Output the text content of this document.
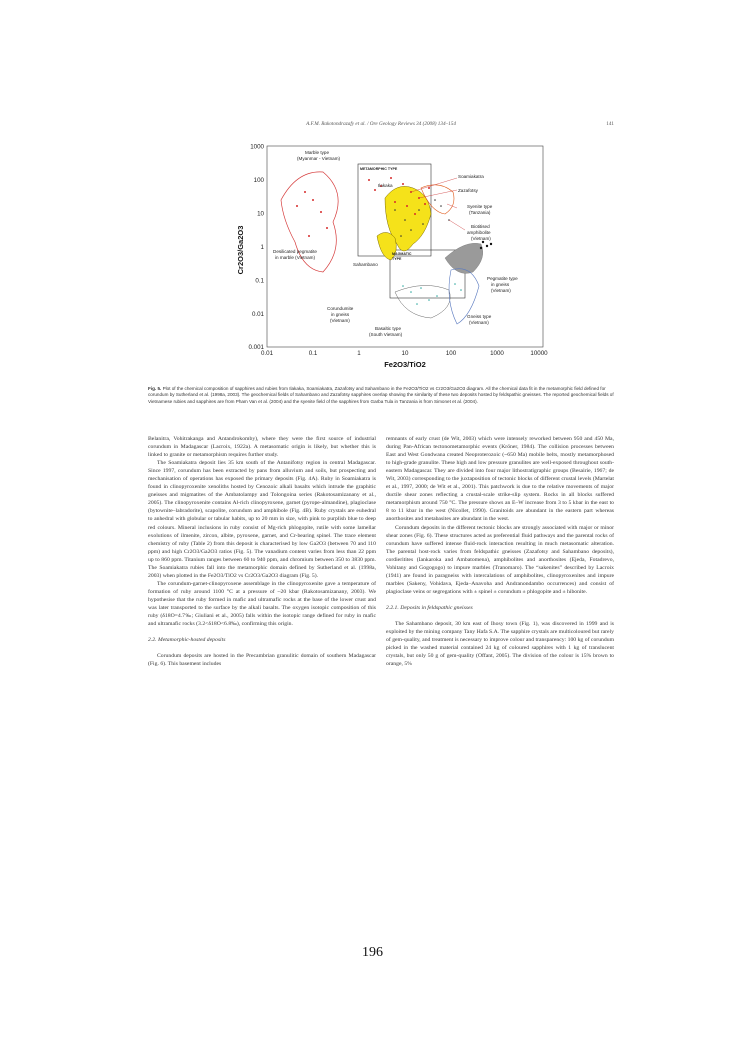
A.F.M. Rakotondrazafy et al. / Ore Geology Reviews 34 (2008) 134–154	141
1000
100
10
1
0.1
0.01
0.001
0.01	0.1	1	10	100	1000	10000
Fe2O3/TiO2
Cr2O3/Ga2O3
Marble type
(Myanmar - Vietnam)
METAMORPHIC TYPE
Ilakaka
Soamiakatra
Zazafotsy
Syenite type
(Tanzania)
Biotitised
amphibolite
(Vietnam)
Desilicated pegmatite
in marble (Vietnam)
Sahambano
MAGMATIC
TYPE
Pegmatite type
in gneiss
(Vietnam)
Corundumite
in gneiss
(Vietnam)
Gneiss type
(Vietnam)
Basaltic type
(South Vietnam)

Fig. 5. Plot of the chemical composition of sapphires and rubies from Ilakaka, Soamiakatra, Zazafotsy and Sahambano in the Fe2O3/TiO2 vs Cr2O3/Ga2O3 diagram. All the chemical data fit in the metamorphic field defined for corundum by Sutherland et al. (1998a, 2003). The geochemical fields of Sahambano and Zazafotsy sapphires overlap showing the similarity of these two deposits hosted by feldspathic gneisses. The reported geochemical fields of Vietnamese rubies and sapphires are from Pham Van et al. (2004) and the syenite field of the sapphires from Garba Tula in Tanzania is from Simonet et al. (2004).

Belanitra, Vohitrakanga and Antandrokomby), where they were the first source of industrial corundum in Madagascar (Lacroix, 1922a). A metasomatic origin is likely, but whether this is linked to granite or metamorphism requires further study.

The Soamiakatra deposit lies 35 km south of the Antanifotsy region in central Madagascar. Since 1997, corundum has been extracted by pans from alluvium and soils, but prospecting and mechanisation of operations has exposed the primary deposits (Fig. 4A). Ruby in Soamiakatra is found in clinopyroxenite xenoliths hosted by Cenozoic alkali basalts which intrude the graphitic gneisses and migmatites of the Ambatolampy and Tolongoina series (Rakotosamizanany et al., 2005). The clinopyroxenite contains Al-rich clinopyroxene, garnet (pyrope-almandine), plagioclase (bytownite–labradorite), scapolite, corundum and amphibole (Fig. 4B). Ruby crystals are euhedral to anhedral with globular or tabular habits, up to 20 mm in size, with pink to purplish blue to deep red colours. Mineral inclusions in ruby consist of Mg-rich phlogopite, rutile with some lamellar exolutions of ilmenite, zircon, albite, pyroxene, garnet, and Cr-bearing spinel. The trace element chemistry of ruby (Table 2) from this deposit is characterised by low Ga2O3 (between 70 and 110 ppm) and high Cr2O3/Ga2O3 ratios (Fig. 5). The vanadium content varies from less than 22 ppm up to 860 ppm. Titanium ranges between 60 to 940 ppm, and chromium between 350 to 3830 ppm. The Soamiakatra rubies fall into the metamorphic domain defined by Sutherland et al. (1998a, 2003) when plotted in the Fe2O3/TiO2 vs Cr2O3/Ga2O3 diagram (Fig. 5).

The corundum-garnet-clinopyroxene assemblage in the clinopyroxenite gave a temperature of formation of ruby around 1100 °C at a pressure of ~20 kbar (Rakotosamizanany, 2003). We hypothesise that the ruby formed in mafic and ultramafic rocks at the base of the lower crust and was later transported to the surface by the alkali basalts. The oxygen isotopic composition of this ruby (δ18O=4.7‰; Giuliani et al., 2005) falls within the isotopic range defined for ruby in mafic and ultramafic rocks (3.2<δ18O<6.8‰), confirming this origin.

2.2. Metamorphic-hosted deposits

Corundum deposits are hosted in the Precambrian granulitic domain of southern Madagascar (Fig. 6). This basement includes

remnants of early crust (de Wit, 2003) which were intensely reworked between 950 and 450 Ma, during Pan-African tectonometamorphic events (Kröner, 1984). The collision processes between East and West Gondwana created Neoproterozoic (~650 Ma) mobile belts, mostly metamorphosed to high-grade granulite. These high and low pressure granulites are well-exposed throughout south-eastern Madagascar. They are divided into four major lithostratigraphic groups (Besairie, 1967; de Wit, 2003) corresponding to the juxtaposition of tectonic blocks of different crustal levels (Martelat et al., 1997, 2000; de Wit et al., 2001). This patchwork is due to the relative movements of major ductile shear zones reflecting a crustal-scale strike-slip system. Rocks in all blocks suffered metamorphism around 750 °C. The pressure shows an E–W increase from 3 to 5 kbar in the east to 8 to 11 kbar in the west (Nicollet, 1990). Granitoids are abundant in the eastern part whereas anorthosites and metabasites are abundant in the west.

Corundum deposits in the different tectonic blocks are strongly associated with major or minor shear zones (Fig. 6). These structures acted as preferential fluid pathways and the parental rocks of corundum have suffered intense fluid-rock interaction resulting in much metasomatic alteration. The parental host-rock varies from feldspathic gneisses (Zazafotsy and Sahambano deposits), cordieritites (Iankaroka and Ambatomena), amphibolites and anorthosites (Ejeda, Fotadrevo, Vohitany and Gogogogo) to impure marbles (Tranomaro). The “sakenites” described by Lacroix (1941) are found in paragneiss with intercalations of amphibolites, clinopyroxenites and impure marbles (Sakeny, Vohidava, Ejeda–Anavoha and Andranondambo occurrences) and consist of plagioclase veins or segregations with ± spinel ± corundum ± phlogopite and ± hibonite.

2.2.1. Deposits in feldspathic gneisses

The Sahambano deposit, 30 km east of Ihosy town (Fig. 1), was discovered in 1999 and is exploited by the mining company Tany Hafa S.A. The sapphire crystals are multicoloured but rarely of gem-quality, and treatment is necessary to improve colour and transparency: 100 kg of corundum picked in the washed material contained 24 kg of coloured sapphires with 1 kg of translucent crystals, but only 50 g of gem-quality (Offant, 2005). The division of the colour is 15% brown to orange, 5%

196
